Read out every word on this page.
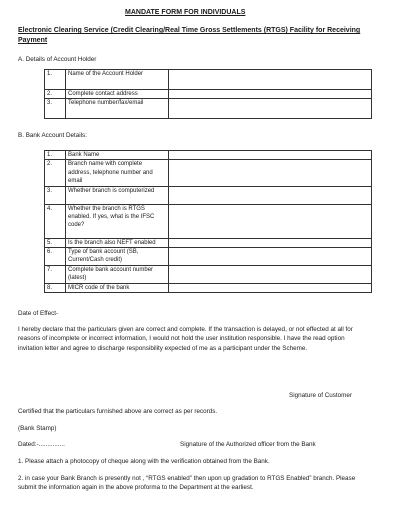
MANDATE FORM FOR INDIVIDUALS
Electronic Clearing Service (Credit Clearing/Real Time Gross Settlements (RTGS) Facility for Receiving Payment
A. Details of Account Holder
1.	Name of the Account Holder	
2.	Complete contact address	
3.	Telephone number/fax/email	
B. Bank Account Details:
1.	Bank Name	
2.	Branch name with complete address, telephone number and email	
3.	Whether branch is computerized	
4.	Whether the branch is RTGS enabled. If yes, what is the IFSC code?	
5.	Is the branch also NEFT enabled	
6.	Type of bank account (SB, Current/Cash credit)	
7.	Complete bank account number (latest)	
8.	MICR code of the bank	
Date of Effect-
I hereby declare that the particulars given are correct and complete. If the transaction is delayed, or not effected at all for reasons of incomplete or incorrect information, I would not hold the user institution responsible. I have the read option invitation letter and agree to discharge responsibility expected of me as a participant under the Scheme.
Signature of Customer
Certified that the particulars furnished above are correct as per records.
(Bank Stamp)
Dated:-...............	Signature of the Authorized officer from the Bank
1. Please attach a photocopy of cheque along with the verification obtained from the Bank.
2. in case your Bank Branch is presently not , “RTGS enabled” then upon up gradation to RTGS Enabled” branch. Please submit the information again in the above proforma to the Department at the earliest.
